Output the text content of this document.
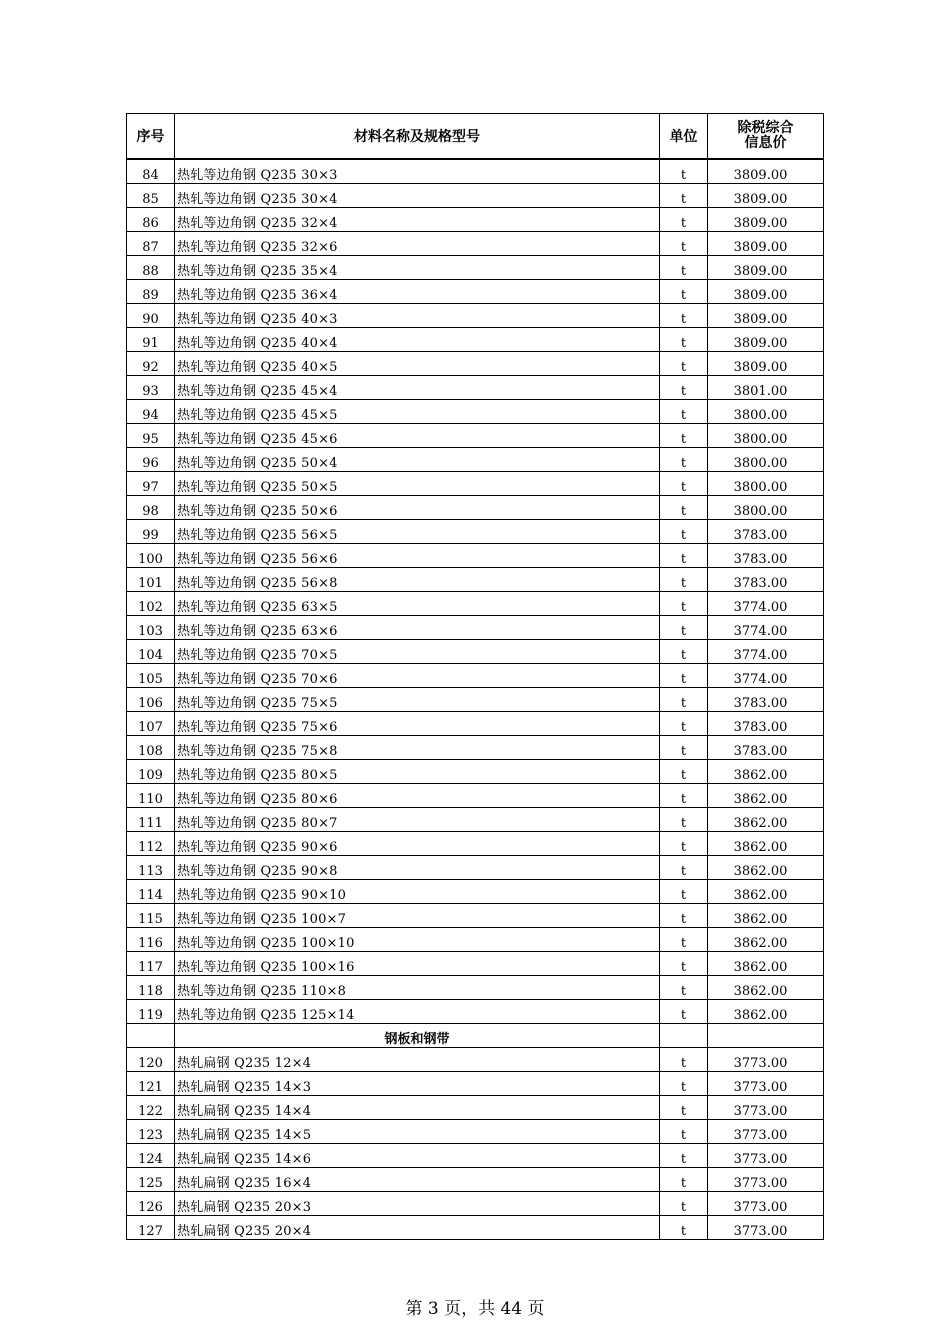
序号	材料名称及规格型号	单位	除税综合
信息价

84	热轧等边角钢 Q235 30×3	t	3809.00
85	热轧等边角钢 Q235 30×4	t	3809.00
86	热轧等边角钢 Q235 32×4	t	3809.00
87	热轧等边角钢 Q235 32×6	t	3809.00
88	热轧等边角钢 Q235 35×4	t	3809.00
89	热轧等边角钢 Q235 36×4	t	3809.00
90	热轧等边角钢 Q235 40×3	t	3809.00
91	热轧等边角钢 Q235 40×4	t	3809.00
92	热轧等边角钢 Q235 40×5	t	3809.00
93	热轧等边角钢 Q235 45×4	t	3801.00
94	热轧等边角钢 Q235 45×5	t	3800.00
95	热轧等边角钢 Q235 45×6	t	3800.00
96	热轧等边角钢 Q235 50×4	t	3800.00
97	热轧等边角钢 Q235 50×5	t	3800.00
98	热轧等边角钢 Q235 50×6	t	3800.00
99	热轧等边角钢 Q235 56×5	t	3783.00
100	热轧等边角钢 Q235 56×6	t	3783.00
101	热轧等边角钢 Q235 56×8	t	3783.00
102	热轧等边角钢 Q235 63×5	t	3774.00
103	热轧等边角钢 Q235 63×6	t	3774.00
104	热轧等边角钢 Q235 70×5	t	3774.00
105	热轧等边角钢 Q235 70×6	t	3774.00
106	热轧等边角钢 Q235 75×5	t	3783.00
107	热轧等边角钢 Q235 75×6	t	3783.00
108	热轧等边角钢 Q235 75×8	t	3783.00
109	热轧等边角钢 Q235 80×5	t	3862.00
110	热轧等边角钢 Q235 80×6	t	3862.00
111	热轧等边角钢 Q235 80×7	t	3862.00
112	热轧等边角钢 Q235 90×6	t	3862.00
113	热轧等边角钢 Q235 90×8	t	3862.00
114	热轧等边角钢 Q235 90×10	t	3862.00
115	热轧等边角钢 Q235 100×7	t	3862.00
116	热轧等边角钢 Q235 100×10	t	3862.00
117	热轧等边角钢 Q235 100×16	t	3862.00
118	热轧等边角钢 Q235 110×8	t	3862.00
119	热轧等边角钢 Q235 125×14	t	3862.00
	钢板和钢带		
120	热轧扁钢 Q235 12×4	t	3773.00
121	热轧扁钢 Q235 14×3	t	3773.00
122	热轧扁钢 Q235 14×4	t	3773.00
123	热轧扁钢 Q235 14×5	t	3773.00
124	热轧扁钢 Q235 14×6	t	3773.00
125	热轧扁钢 Q235 16×4	t	3773.00
126	热轧扁钢 Q235 20×3	t	3773.00
127	热轧扁钢 Q235 20×4	t	3773.00
第 3 页，共 44 页
